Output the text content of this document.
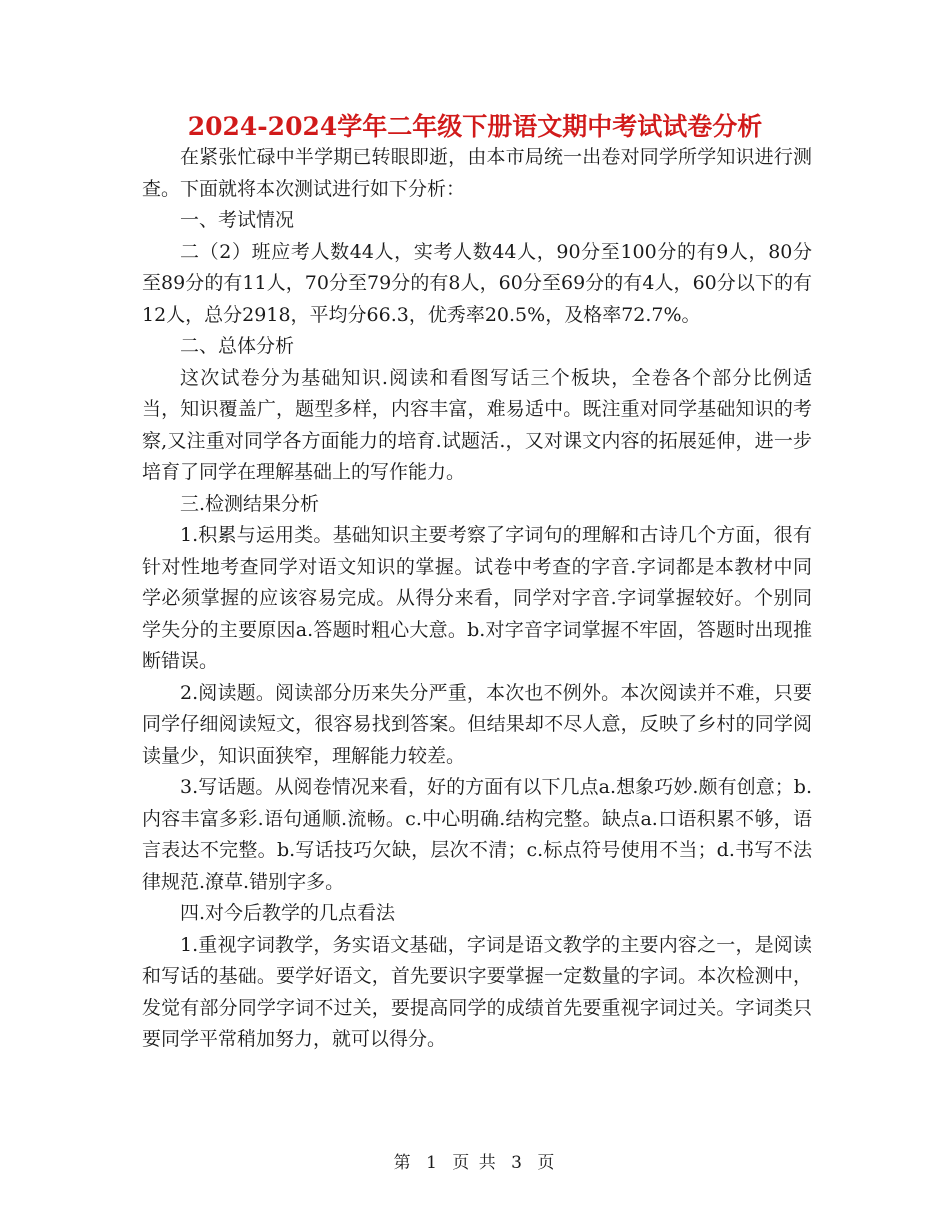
2024-2024学年二年级下册语文期中考试试卷分析

在紧张忙碌中半学期已转眼即逝，由本市局统一出卷对同学所学知识进行测查。下面就将本次测试进行如下分析：

一、考试情况

二（2）班应考人数44人，实考人数44人，90分至100分的有9人，80分至89分的有11人，70分至79分的有8人，60分至69分的有4人，60分以下的有12人，总分2918，平均分66.3，优秀率20.5%，及格率72.7%。

二、总体分析

这次试卷分为基础知识.阅读和看图写话三个板块，全卷各个部分比例适当，知识覆盖广，题型多样，内容丰富，难易适中。既注重对同学基础知识的考察,又注重对同学各方面能力的培育.试题活.，又对课文内容的拓展延伸，进一步培育了同学在理解基础上的写作能力。

三.检测结果分析

1.积累与运用类。基础知识主要考察了字词句的理解和古诗几个方面，很有针对性地考查同学对语文知识的掌握。试卷中考查的字音.字词都是本教材中同学必须掌握的应该容易完成。从得分来看，同学对字音.字词掌握较好。个别同学失分的主要原因a.答题时粗心大意。b.对字音字词掌握不牢固，答题时出现推断错误。

2.阅读题。阅读部分历来失分严重，本次也不例外。本次阅读并不难，只要同学仔细阅读短文，很容易找到答案。但结果却不尽人意，反映了乡村的同学阅读量少，知识面狭窄，理解能力较差。

3.写话题。从阅卷情况来看，好的方面有以下几点a.想象巧妙.颇有创意；b.内容丰富多彩.语句通顺.流畅。c.中心明确.结构完整。缺点a.口语积累不够，语言表达不完整。b.写话技巧欠缺，层次不清；c.标点符号使用不当；d.书写不法律规范.潦草.错别字多。

四.对今后教学的几点看法

1.重视字词教学，务实语文基础，字词是语文教学的主要内容之一，是阅读和写话的基础。要学好语文，首先要识字要掌握一定数量的字词。本次检测中，发觉有部分同学字词不过关，要提高同学的成绩首先要重视字词过关。字词类只要同学平常稍加努力，就可以得分。

第 1 页 共 3 页
